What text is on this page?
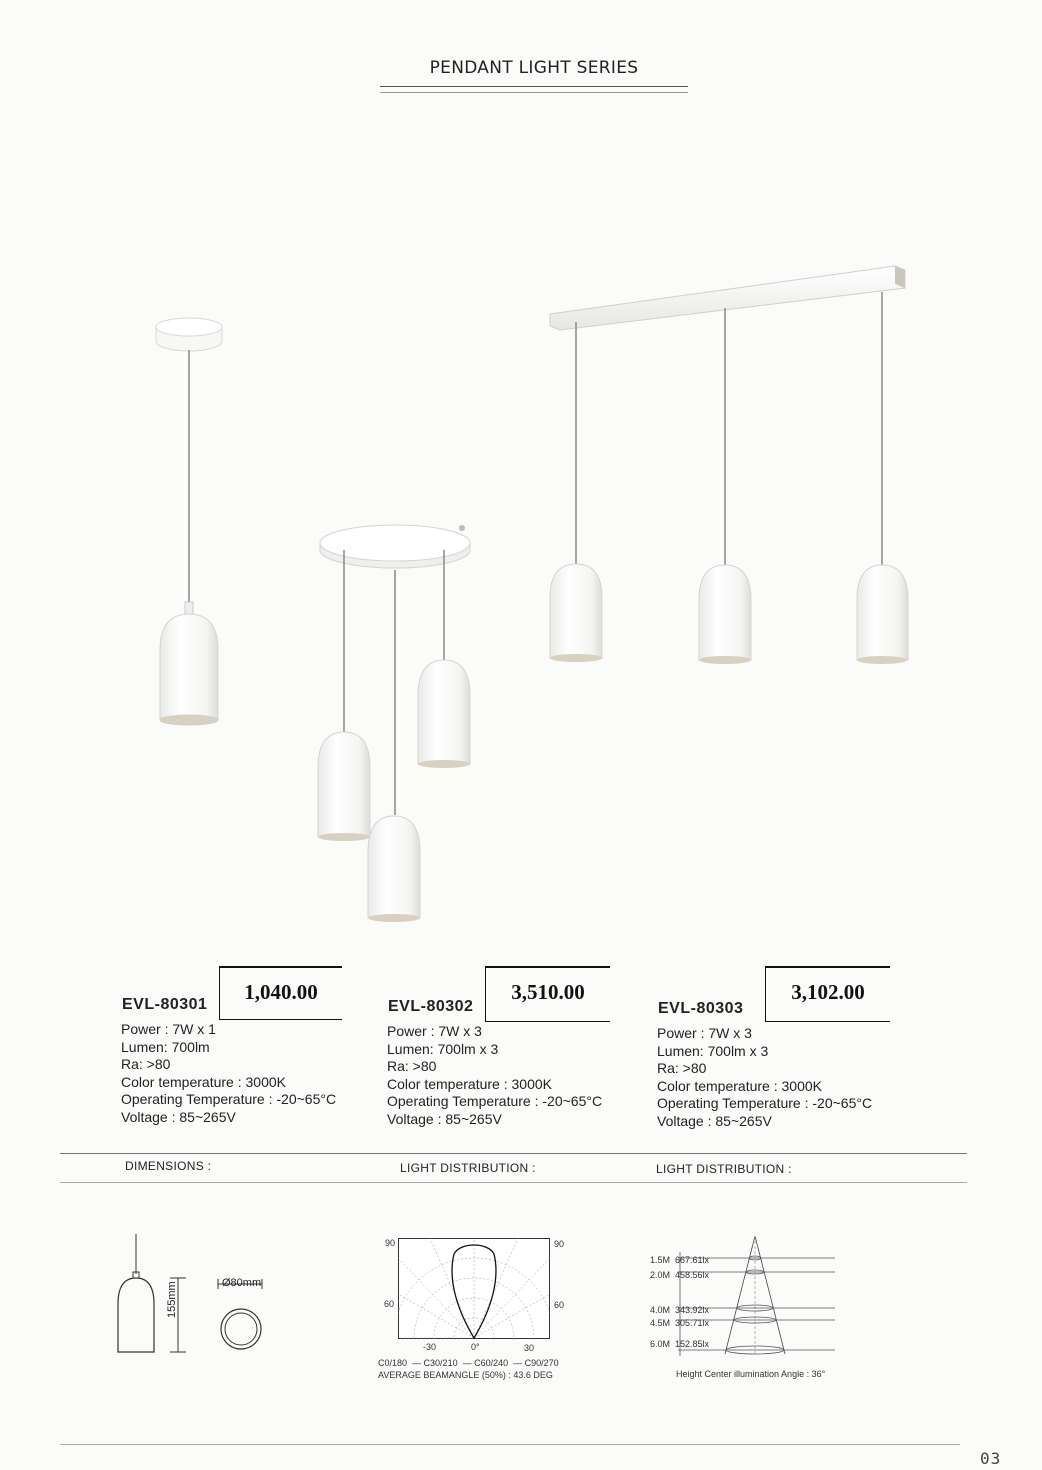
PENDANT LIGHT SERIES
EVL-80301
1,040.00
Power : 7W x 1
Lumen: 700lm
Ra: >80
Color temperature : 3000K
Operating Temperature : -20~65°C
Voltage : 85~265V
EVL-80302
3,510.00
Power : 7W x 3
Lumen: 700lm x 3
Ra: >80
Color temperature : 3000K
Operating Temperature : -20~65°C
Voltage : 85~265V
EVL-80303
3,102.00
Power : 7W x 3
Lumen: 700lm x 3
Ra: >80
Color temperature : 3000K
Operating Temperature : -20~65°C
Voltage : 85~265V
DIMENSIONS :	LIGHT DISTRIBUTION :	LIGHT DISTRIBUTION :
155mm	Ø80mm
90	90
60	60
-30	0°	30
C0/180  — C30/210  — C60/240  — C90/270
AVERAGE BEAMANGLE (50%) : 43.6 DEG
1.5M 667.61lx
2.0M 458.56lx
4.0M 343.92lx
4.5M 305.71lx
6.0M 152.85lx
Height Center illumination Angle : 36°
03
